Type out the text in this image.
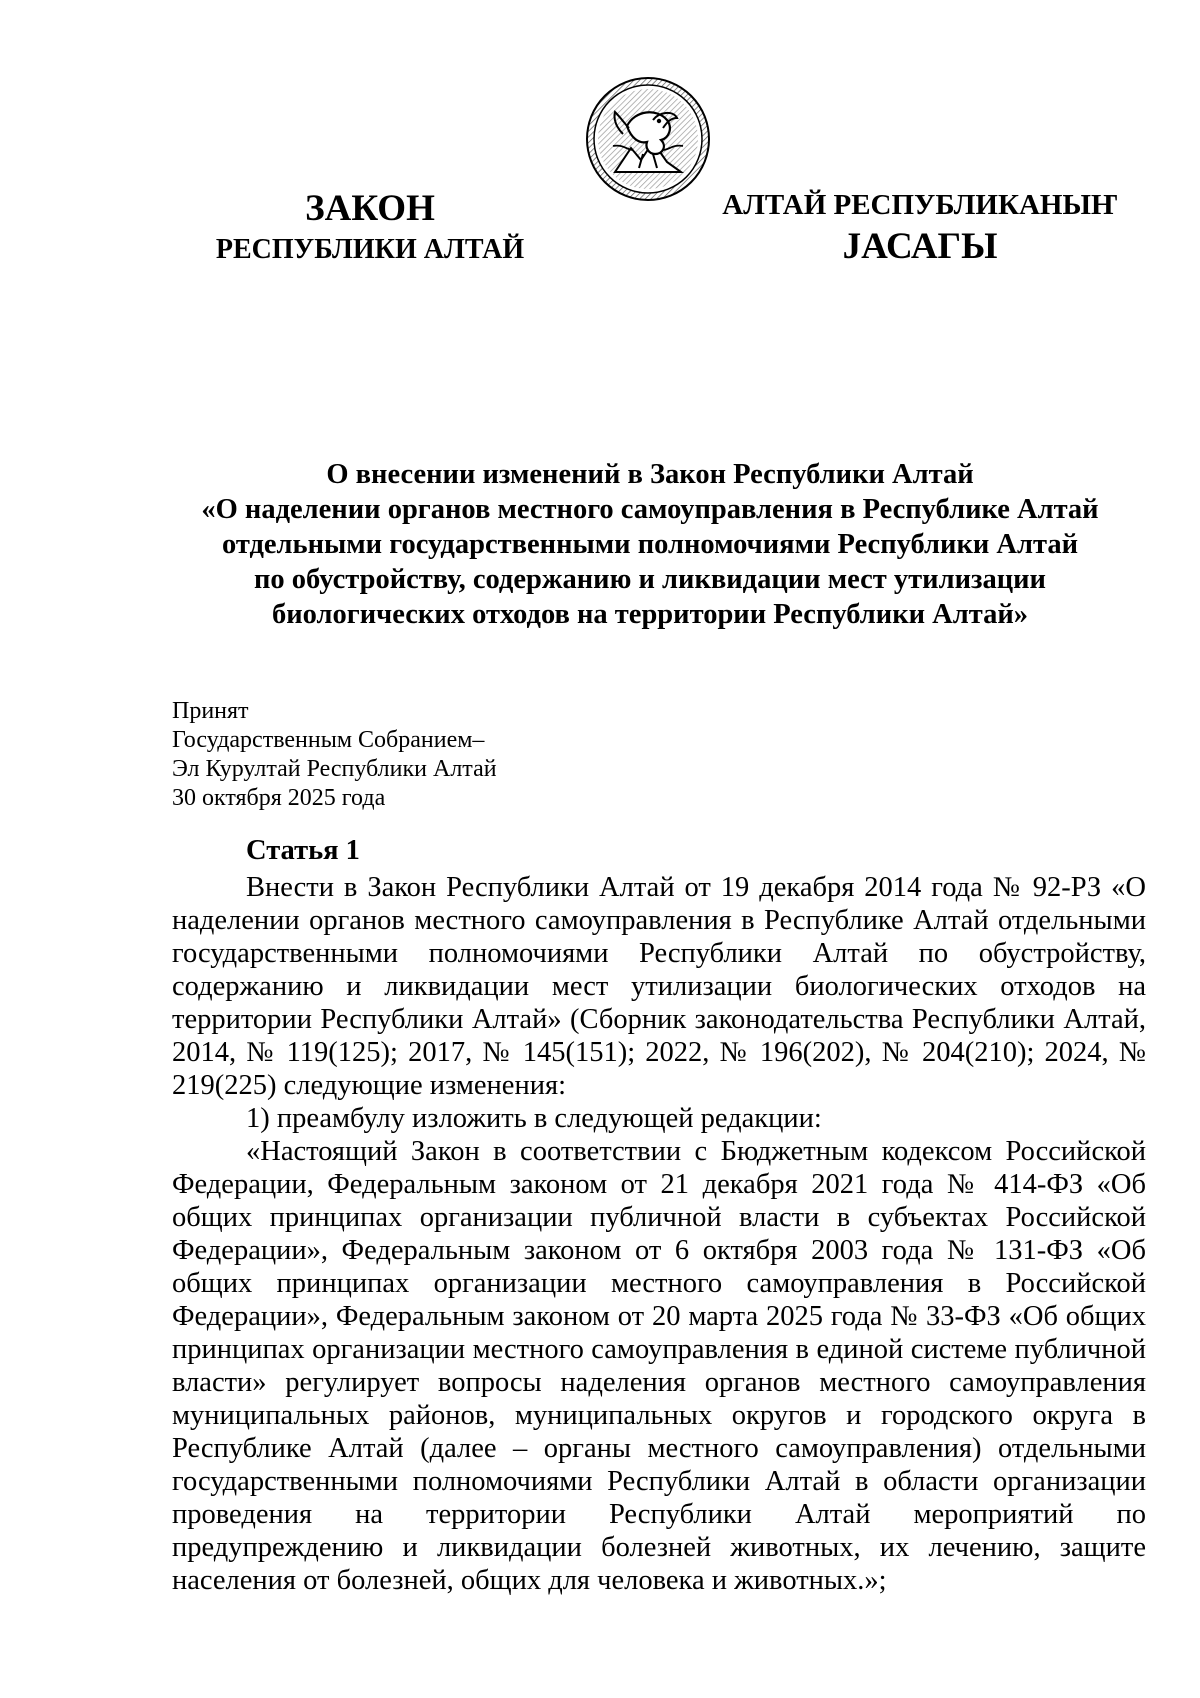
ЗАКОН
РЕСПУБЛИКИ АЛТАЙ
АЛТАЙ РЕСПУБЛИКАНЫҤ
ЈАСАГЫ
О внесении изменений в Закон Республики Алтай
«О наделении органов местного самоуправления в Республике Алтай
отдельными государственными полномочиями Республики Алтай
по обустройству, содержанию и ликвидации мест утилизации
биологических отходов на территории Республики Алтай»
Принят
Государственным Собранием–
Эл Курултай Республики Алтай
30 октября 2025 года
Статья 1

Внести в Закон Республики Алтай от 19 декабря 2014 года № 92-РЗ «О наделении органов местного самоуправления в Республике Алтай отдельными государственными полномочиями Республики Алтай по обустройству, содержанию и ликвидации мест утилизации биологических отходов на территории Республики Алтай» (Сборник законодательства Республики Алтай, 2014, № 119(125); 2017, № 145(151); 2022, № 196(202), № 204(210); 2024, № 219(225) следующие изменения:

1) преамбулу изложить в следующей редакции:

«Настоящий Закон в соответствии с Бюджетным кодексом Российской Федерации, Федеральным законом от 21 декабря 2021 года № 414-ФЗ «Об общих принципах организации публичной власти в субъектах Российской Федерации», Федеральным законом от 6 октября 2003 года № 131-ФЗ «Об общих принципах организации местного самоуправления в Российской Федерации», Федеральным законом от 20 марта 2025 года № 33-ФЗ «Об общих принципах организации местного самоуправления в единой системе публичной власти» регулирует вопросы наделения органов местного самоуправления муниципальных районов, муниципальных округов и городского округа в Республике Алтай (далее – органы местного самоуправления) отдельными государственными полномочиями Республики Алтай в области организации проведения на территории Республики Алтай мероприятий по предупреждению и ликвидации болезней животных, их лечению, защите населения от болезней, общих для человека и животных.»;
